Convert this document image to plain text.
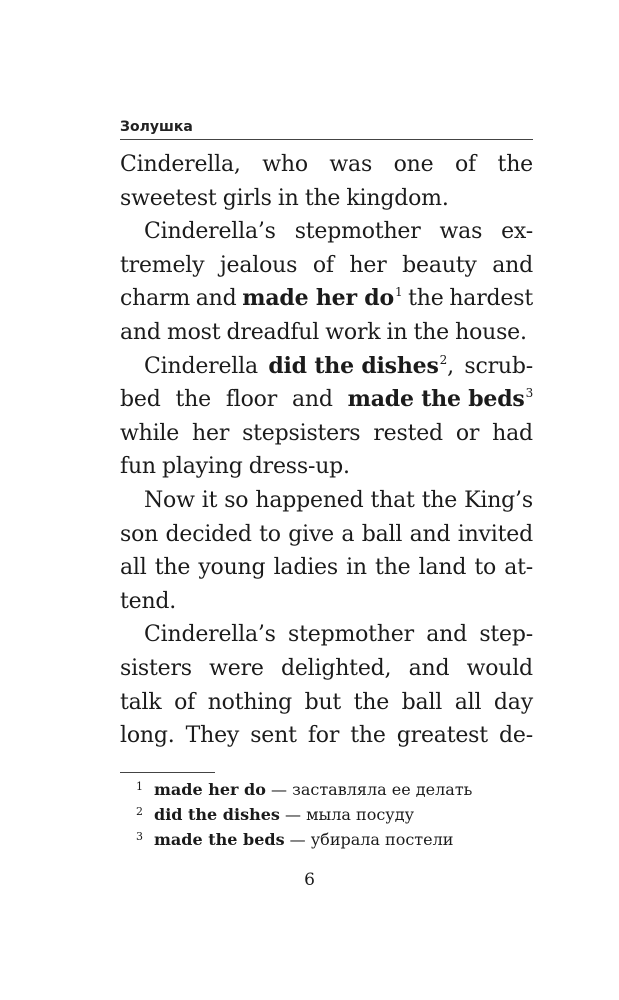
Золушка
Cinderella, who was one of the
sweetest girls in the kingdom.
Cinderella’s stepmother was ex-
tremely jealous of her beauty and
charm and made her do$^1$ the hardest
and most dreadful work in the house.
Cinderella did the dishes$^2$, scrub-
bed the floor and made the beds$^3$
while her stepsisters rested or had
fun playing dress-up.
Now it so happened that the King’s
son decided to give a ball and invited
all the young ladies in the land to at-
tend.
Cinderella’s stepmother and step-
sisters were delighted, and would
talk of nothing but the ball all day
long. They sent for the greatest de-
1 made her do — заставляла ее делать
2 did the dishes — мыла посуду
3 made the beds — убирала постели
6
